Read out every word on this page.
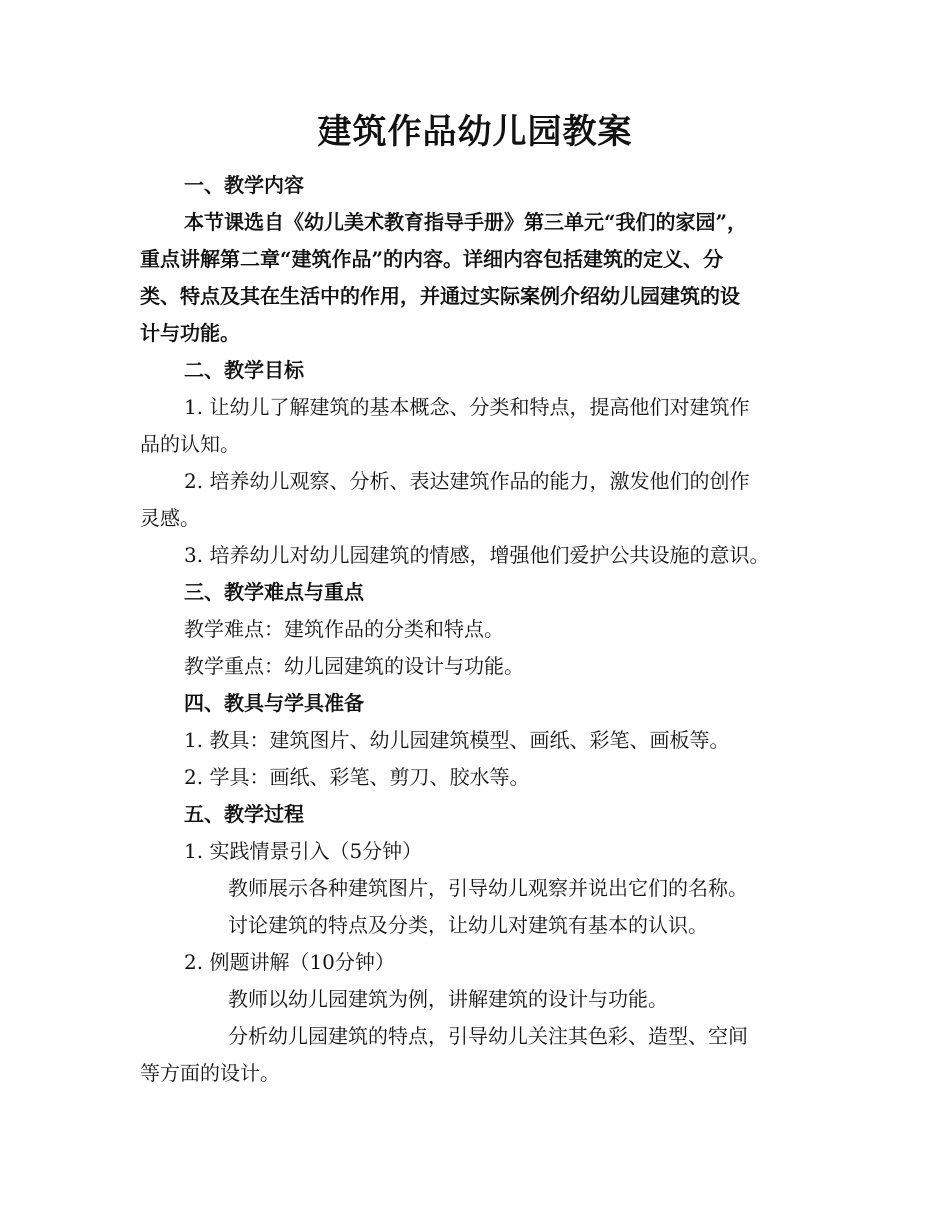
建筑作品幼儿园教案
一、教学内容
本节课选自《幼儿美术教育指导手册》第三单元“我们的家园”，
重点讲解第二章“建筑作品”的内容。详细内容包括建筑的定义、分
类、特点及其在生活中的作用，并通过实际案例介绍幼儿园建筑的设
计与功能。
二、教学目标
1. 让幼儿了解建筑的基本概念、分类和特点，提高他们对建筑作
品的认知。
2. 培养幼儿观察、分析、表达建筑作品的能力，激发他们的创作
灵感。
3. 培养幼儿对幼儿园建筑的情感，增强他们爱护公共设施的意识。
三、教学难点与重点
教学难点：建筑作品的分类和特点。
教学重点：幼儿园建筑的设计与功能。
四、教具与学具准备
1. 教具：建筑图片、幼儿园建筑模型、画纸、彩笔、画板等。
2. 学具：画纸、彩笔、剪刀、胶水等。
五、教学过程
1. 实践情景引入（5分钟）
教师展示各种建筑图片，引导幼儿观察并说出它们的名称。
讨论建筑的特点及分类，让幼儿对建筑有基本的认识。
2. 例题讲解（10分钟）
教师以幼儿园建筑为例，讲解建筑的设计与功能。
分析幼儿园建筑的特点，引导幼儿关注其色彩、造型、空间
等方面的设计。
